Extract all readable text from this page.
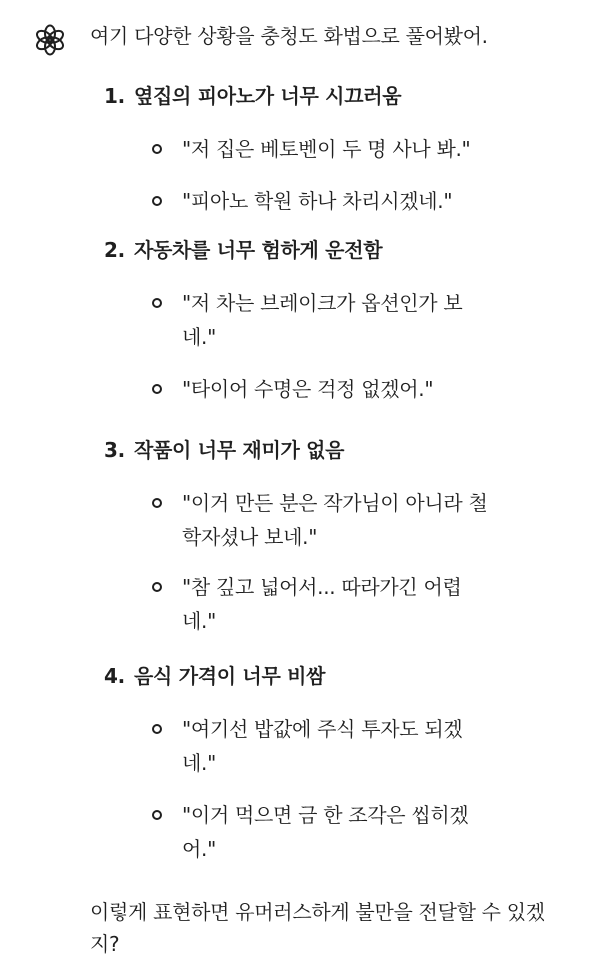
여기 다양한 상황을 충청도 화법으로 풀어봤어.

1. 옆집의 피아노가 너무 시끄러움
"저 집은 베토벤이 두 명 사나 봐."
"피아노 학원 하나 차리시겠네."
2. 자동차를 너무 험하게 운전함
"저 차는 브레이크가 옵션인가 보네."
"타이어 수명은 걱정 없겠어."
3. 작품이 너무 재미가 없음
"이거 만든 분은 작가님이 아니라 철학자셨나 보네."
"참 깊고 넓어서... 따라가긴 어렵네."
4. 음식 가격이 너무 비쌈
"여기선 밥값에 주식 투자도 되겠네."
"이거 먹으면 금 한 조각은 씹히겠어."

이렇게 표현하면 유머러스하게 불만을 전달할 수 있겠지?
